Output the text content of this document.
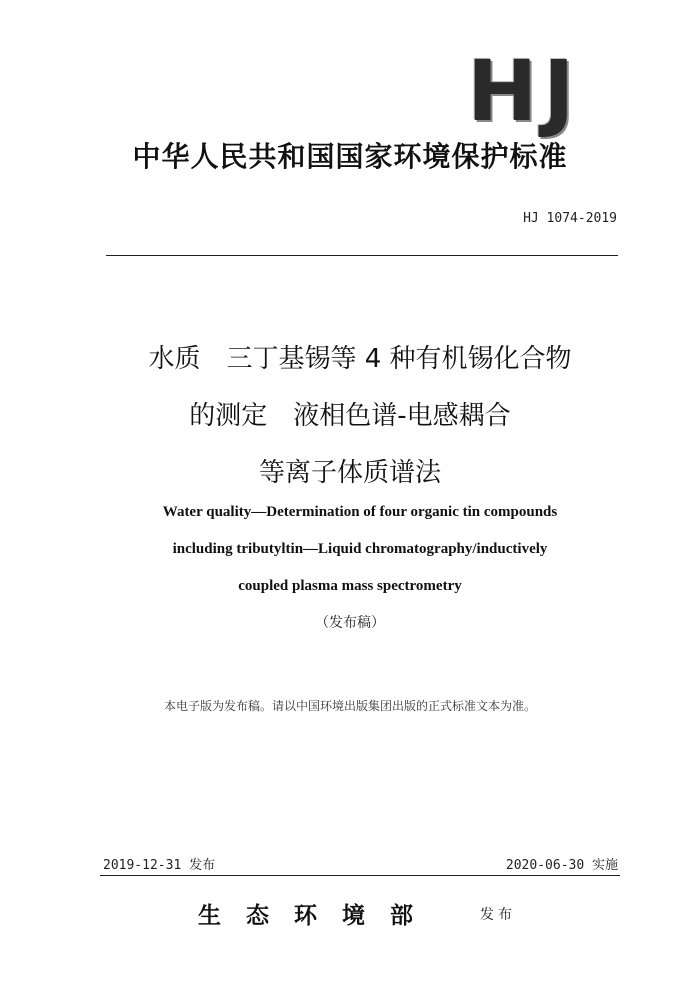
HJ
中华人民共和国国家环境保护标准
HJ 1074-2019
水质　三丁基锡等 4 种有机锡化合物
的测定　液相色谱-电感耦合
等离子体质谱法
Water quality—Determination of four organic tin compounds
including tributyltin—Liquid chromatography/inductively
coupled plasma mass spectrometry
（发布稿）
本电子版为发布稿。请以中国环境出版集团出版的正式标准文本为准。
2019-12-31 发布	2020-06-30 实施
生态环境部	发布
